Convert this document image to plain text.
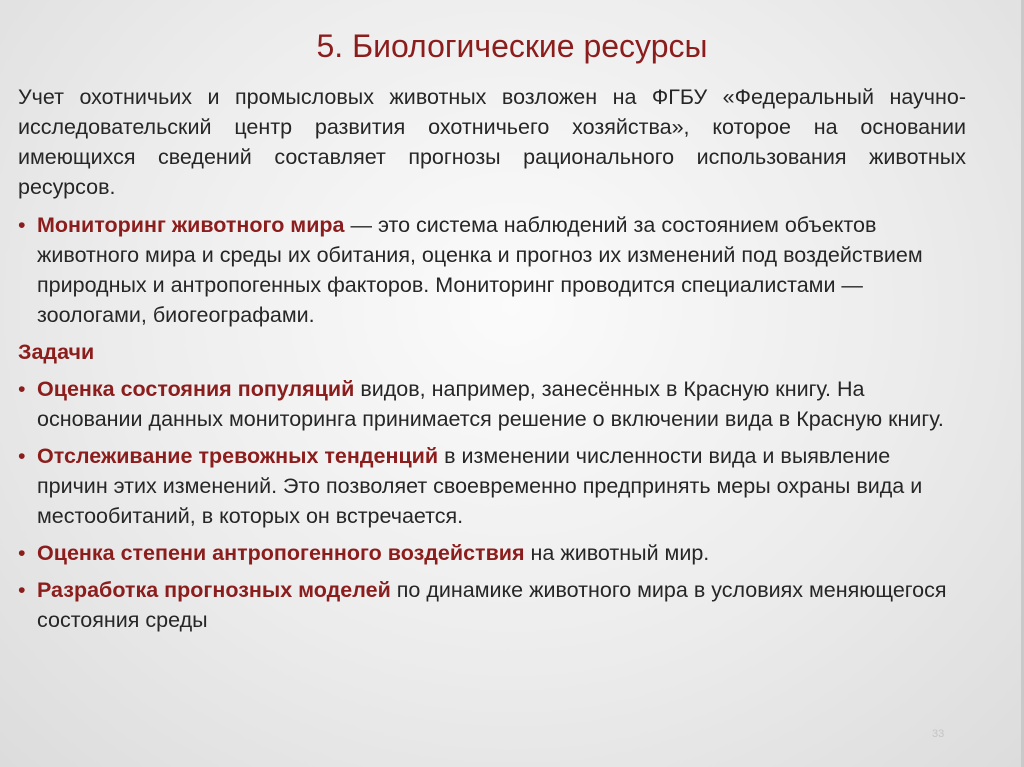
5. Биологические ресурсы

Учет охотничьих и промысловых животных возложен на ФГБУ «Федеральный научно-исследовательский центр развития охотничьего хозяйства», которое на основании имеющихся сведений составляет прогнозы рационального использования животных ресурсов.

• Мониторинг животного мира — это система наблюдений за состоянием объектов животного мира и среды их обитания, оценка и прогноз их изменений под воздействием природных и антропогенных факторов. Мониторинг проводится специалистами — зоологами, биогеографами.

Задачи

• Оценка состояния популяций видов, например, занесённых в Красную книгу. На основании данных мониторинга принимается решение о включении вида в Красную книгу.

• Отслеживание тревожных тенденций в изменении численности вида и выявление причин этих изменений. Это позволяет своевременно предпринять меры охраны вида и местообитаний, в которых он встречается.

• Оценка степени антропогенного воздействия на животный мир.

• Разработка прогнозных моделей по динамике животного мира в условиях меняющегося состояния среды

33
